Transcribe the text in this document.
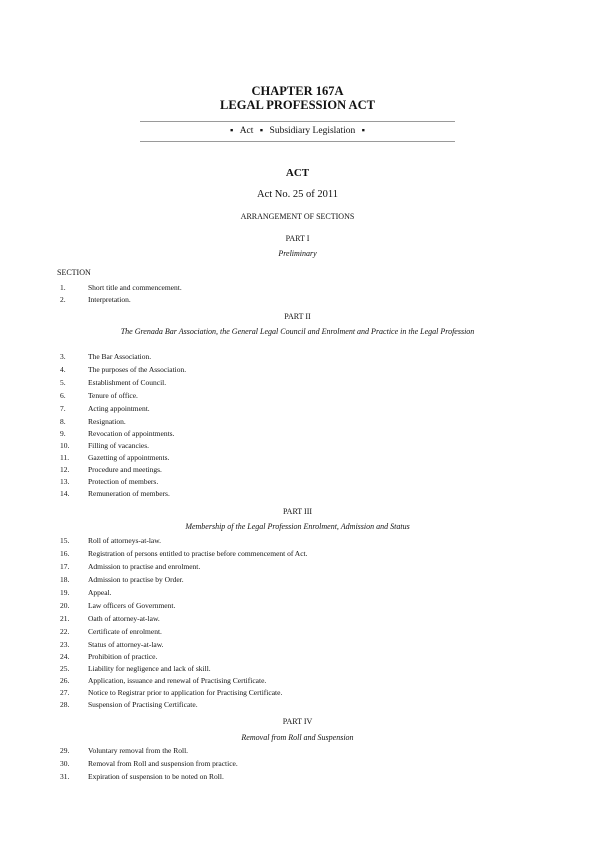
CHAPTER 167A
LEGAL PROFESSION ACT
▪ Act ▪ Subsidiary Legislation ▪
ACT
Act No. 25 of 2011
ARRANGEMENT OF SECTIONS
PART I
Preliminary
SECTION
1.	Short title and commencement.
2.	Interpretation.
PART II
The Grenada Bar Association, the General Legal Council and Enrolment and Practice in the Legal Profession
3.	The Bar Association.
4.	The purposes of the Association.
5.	Establishment of Council.
6.	Tenure of office.
7.	Acting appointment.
8.	Resignation.
9.	Revocation of appointments.
10.	Filling of vacancies.
11.	Gazetting of appointments.
12.	Procedure and meetings.
13.	Protection of members.
14.	Remuneration of members.
PART III
Membership of the Legal Profession Enrolment, Admission and Status
15.	Roll of attorneys-at-law.
16.	Registration of persons entitled to practise before commencement of Act.
17.	Admission to practise and enrolment.
18.	Admission to practise by Order.
19.	Appeal.
20.	Law officers of Government.
21.	Oath of attorney-at-law.
22.	Certificate of enrolment.
23.	Status of attorney-at-law.
24.	Prohibition of practice.
25.	Liability for negligence and lack of skill.
26.	Application, issuance and renewal of Practising Certificate.
27.	Notice to Registrar prior to application for Practising Certificate.
28.	Suspension of Practising Certificate.
PART IV
Removal from Roll and Suspension
29.	Voluntary removal from the Roll.
30.	Removal from Roll and suspension from practice.
31.	Expiration of suspension to be noted on Roll.
